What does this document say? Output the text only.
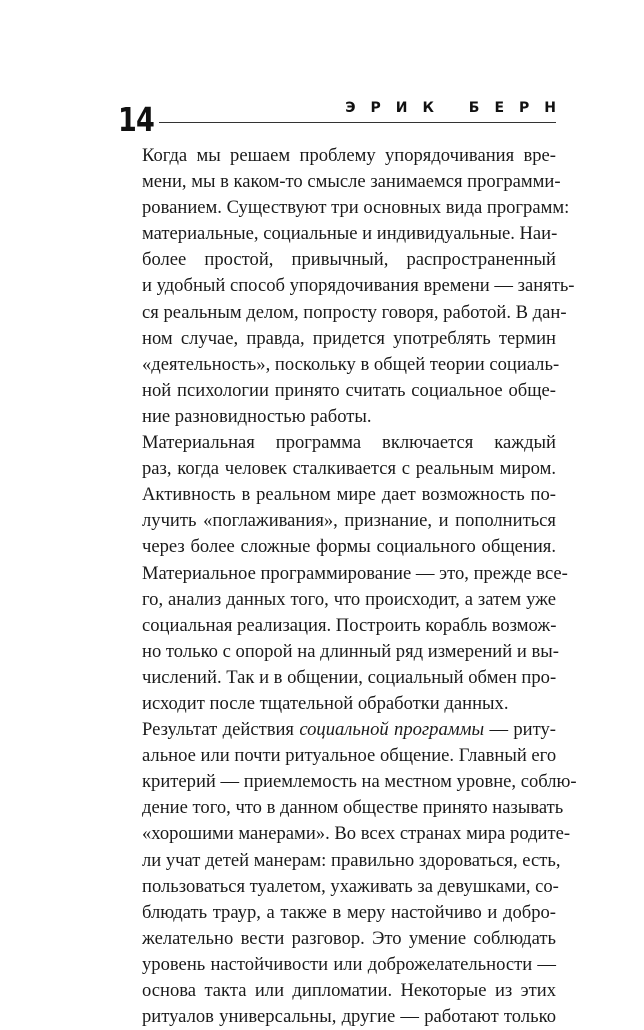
14	ЭРИК БЕРН

Когда мы решаем проблему упорядочивания вре-
мени, мы в каком-то смысле занимаемся программи-
рованием. Существуют три основных вида программ:
материальные, социальные и индивидуальные. Наи-
более простой, привычный, распространенный
и удобный способ упорядочивания времени — занять-
ся реальным делом, попросту говоря, работой. В дан-
ном случае, правда, придется употреблять термин
«деятельность», поскольку в общей теории социаль-
ной психологии принято считать социальное обще-
ние разновидностью работы.

Материальная программа включается каждый
раз, когда человек сталкивается с реальным миром.
Активность в реальном мире дает возможность по-
лучить «поглаживания», признание, и пополниться
через более сложные формы социального общения.
Материальное программирование — это, прежде все-
го, анализ данных того, что происходит, а затем уже
социальная реализация. Построить корабль возмож-
но только с опорой на длинный ряд измерений и вы-
числений. Так и в общении, социальный обмен про-
исходит после тщательной обработки данных.

Результат действия социальной программы — риту-
альное или почти ритуальное общение. Главный его
критерий — приемлемость на местном уровне, соблю-
дение того, что в данном обществе принято называть
«хорошими манерами». Во всех странах мира родите-
ли учат детей манерам: правильно здороваться, есть,
пользоваться туалетом, ухаживать за девушками, со-
блюдать траур, а также в меру настойчиво и добро-
желательно вести разговор. Это умение соблюдать
уровень настойчивости или доброжелательности —
основа такта или дипломатии. Некоторые из этих
ритуалов универсальны, другие — работают только
